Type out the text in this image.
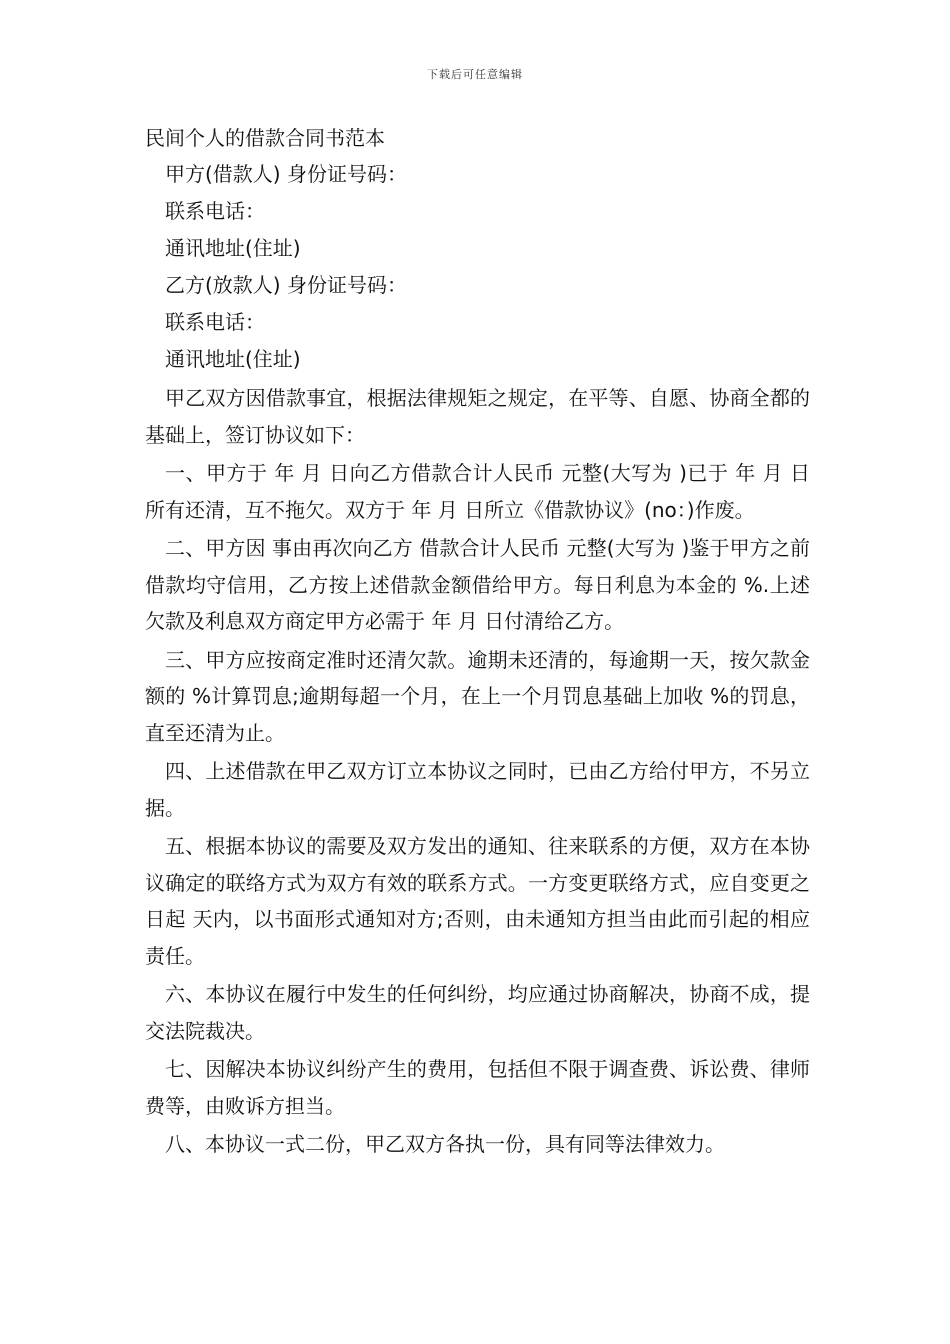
下载后可任意编辑
民间个人的借款合同书范本
甲方(借款人) 身份证号码：
联系电话：
通讯地址(住址)
乙方(放款人) 身份证号码：
联系电话：
通讯地址(住址)

甲乙双方因借款事宜，根据法律规矩之规定，在平等、自愿、协商全都的基础上，签订协议如下：

一、甲方于 年 月 日向乙方借款合计人民币 元整(大写为 )已于 年 月 日所有还清，互不拖欠。双方于 年 月 日所立《借款协议》(no：)作废。

二、甲方因 事由再次向乙方 借款合计人民币 元整(大写为 )鉴于甲方之前借款均守信用，乙方按上述借款金额借给甲方。每日利息为本金的 %.上述欠款及利息双方商定甲方必需于 年 月 日付清给乙方。

三、甲方应按商定准时还清欠款。逾期未还清的，每逾期一天，按欠款金额的 %计算罚息;逾期每超一个月，在上一个月罚息基础上加收 %的罚息，直至还清为止。

四、上述借款在甲乙双方订立本协议之同时，已由乙方给付甲方，不另立据。

五、根据本协议的需要及双方发出的通知、往来联系的方便，双方在本协议确定的联络方式为双方有效的联系方式。一方变更联络方式，应自变更之日起 天内，以书面形式通知对方;否则，由未通知方担当由此而引起的相应责任。

六、本协议在履行中发生的任何纠纷，均应通过协商解决，协商不成，提交法院裁决。

七、因解决本协议纠纷产生的费用，包括但不限于调查费、诉讼费、律师费等，由败诉方担当。

八、本协议一式二份，甲乙双方各执一份，具有同等法律效力。
